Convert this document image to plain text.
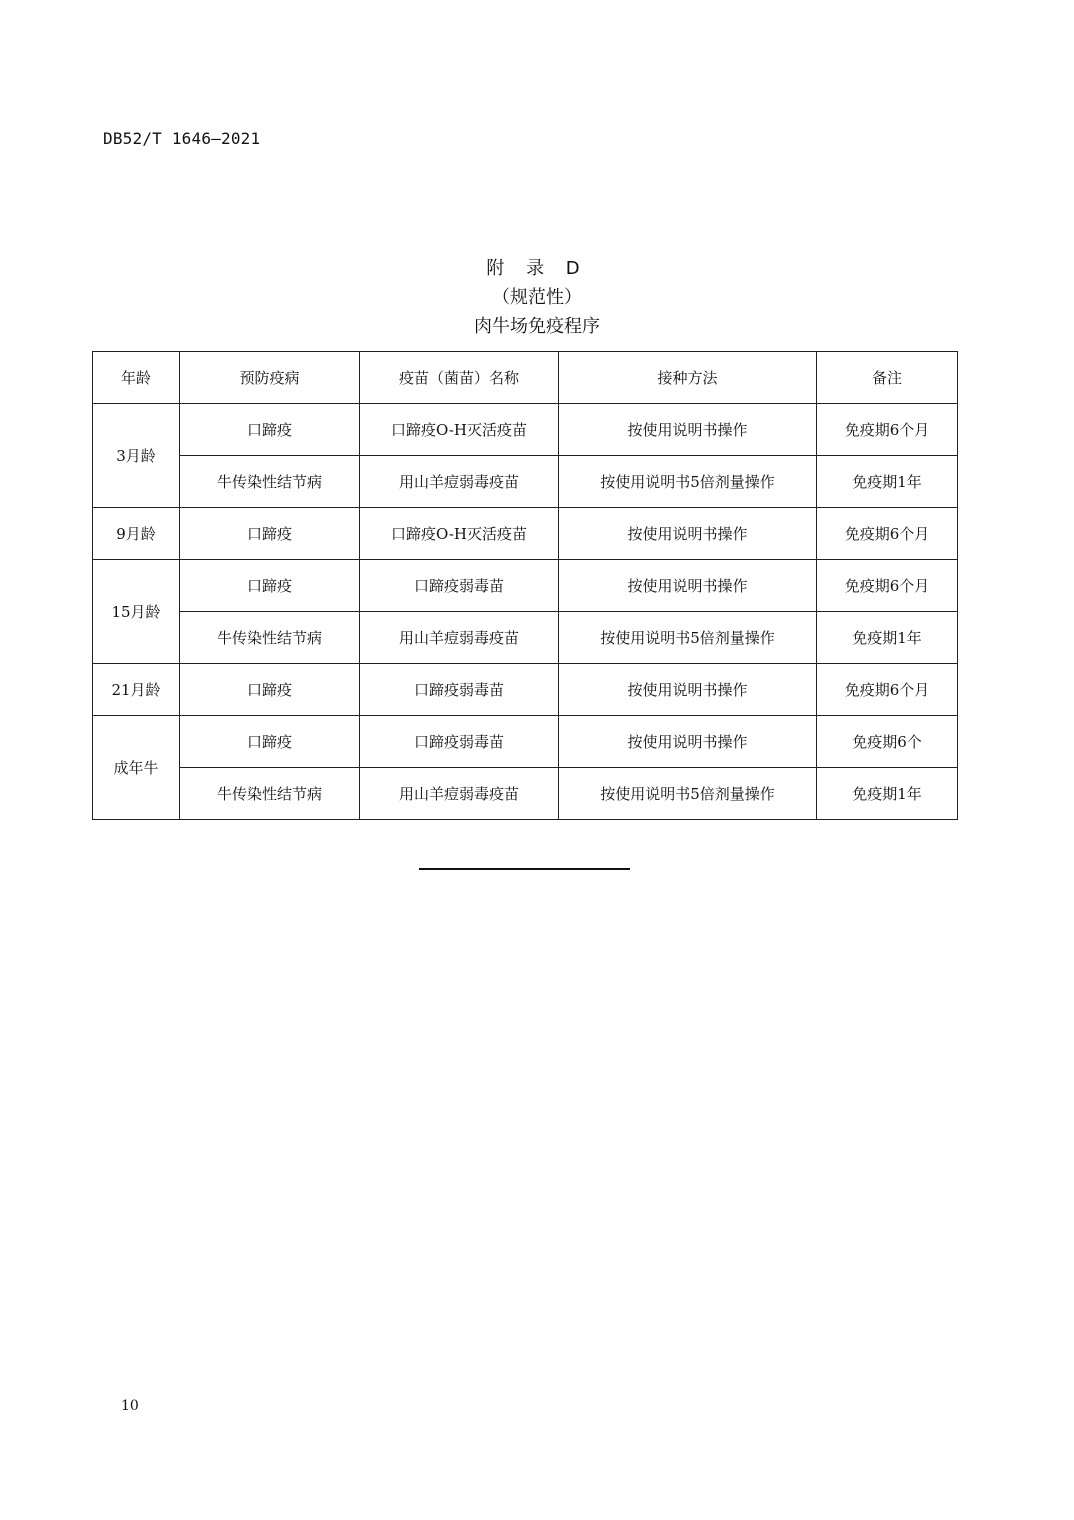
DB52/T 1646—2021
附 录 D
（规范性）
肉牛场免疫程序
年龄	预防疫病	疫苗（菌苗）名称	接种方法	备注
3月龄	口蹄疫	口蹄疫O-H灭活疫苗	按使用说明书操作	免疫期6个月
	牛传染性结节病	用山羊痘弱毒疫苗	按使用说明书5倍剂量操作	免疫期1年
9月龄	口蹄疫	口蹄疫O-H灭活疫苗	按使用说明书操作	免疫期6个月
15月龄	口蹄疫	口蹄疫弱毒苗	按使用说明书操作	免疫期6个月
	牛传染性结节病	用山羊痘弱毒疫苗	按使用说明书5倍剂量操作	免疫期1年
21月龄	口蹄疫	口蹄疫弱毒苗	按使用说明书操作	免疫期6个月
成年牛	口蹄疫	口蹄疫弱毒苗	按使用说明书操作	免疫期6个
	牛传染性结节病	用山羊痘弱毒疫苗	按使用说明书5倍剂量操作	免疫期1年
10
